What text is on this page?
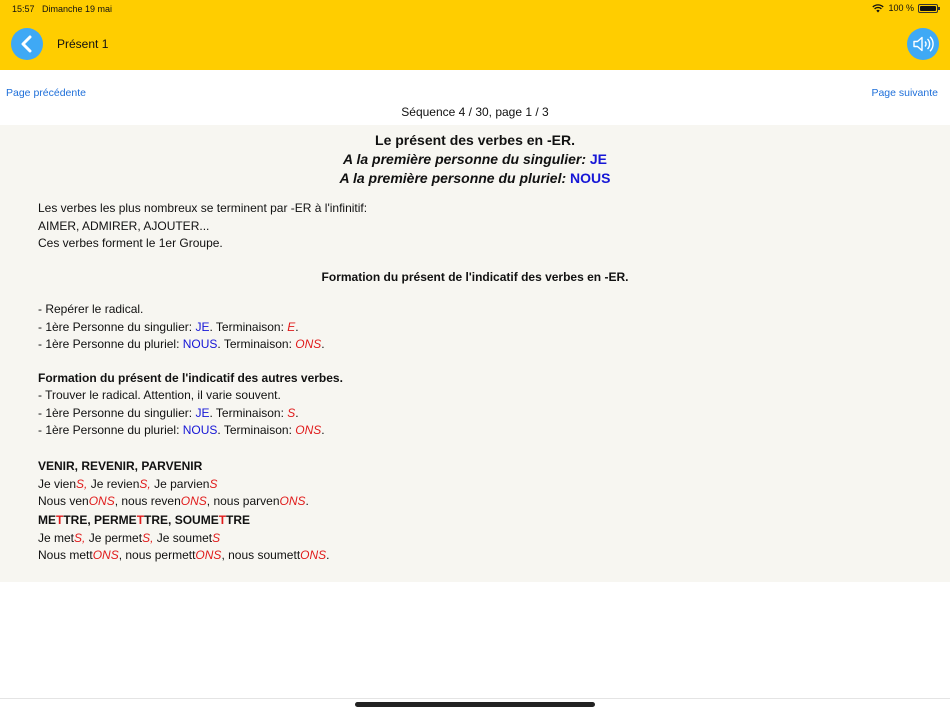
15:57 Dimanche 19 mai	100 %
Présent 1
Page précédente	Page suivante
Séquence 4 / 30, page 1 / 3
Le présent des verbes en -ER.
A la première personne du singulier: JE
A la première personne du pluriel: NOUS
Les verbes les plus nombreux se terminent par -ER à l'infinitif:
AIMER, ADMIRER, AJOUTER...
Ces verbes forment le 1er Groupe.
Formation du présent de l'indicatif des verbes en -ER.
- Repérer le radical.
- 1ère Personne du singulier: JE. Terminaison: E.
- 1ère Personne du pluriel: NOUS. Terminaison: ONS.
Formation du présent de l'indicatif des autres verbes.
- Trouver le radical. Attention, il varie souvent.
- 1ère Personne du singulier: JE. Terminaison: S.
- 1ère Personne du pluriel: NOUS. Terminaison: ONS.
VENIR, REVENIR, PARVENIR
Je vienS, Je revienS, Je parvienS
Nous venONS, nous revenONS, nous parvenONS.
METTRE, PERMETTRE, SOUMETTRE
Je metS, Je permetS, Je soumetS
Nous mettONS, nous permettONS, nous soumettONS.
